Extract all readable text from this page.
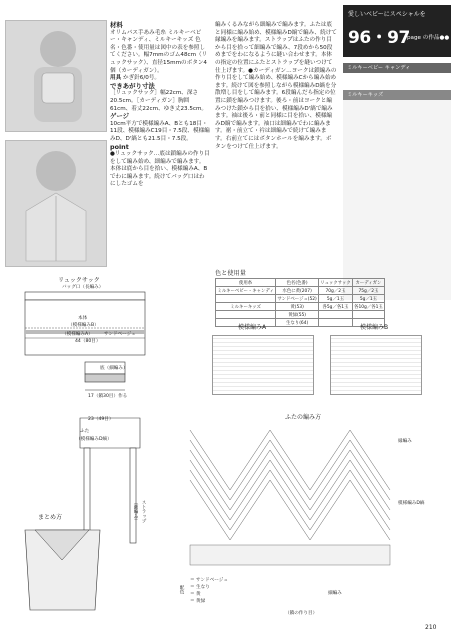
愛しいベビーにスペシャルを
96・97
page の作品●●
ミルキーベビー キャンディ
ミルキーキッズ
材料
オリムパス手あみ毛糸 ミルキーベビー・キャンディ、ミルキーキッズ 色名・色番・使用量は図中の表を参照してください。幅7mmのゴム48cm（リュックサック）、直径15mmのボタン4個（カーディガン）。
用具 かぎ針6/0号。

できあがり寸法
［リュックサック］幅22cm、深さ20.5cm。［カーディガン］胸囲61cm、着丈22cm、ゆき丈23.5cm。
ゲージ
10cm平方で模様編みA、Bとも18目・11段、模様編みC19目・7.5段、模様編みD、D'縞とも21.5目・7.5段。
point
●リュックサック…底は鎖編みの作り目をして編み始め、細編みで編みます。本体は底から目を拾い、模様編みA、Bでわに編みます。続けてバッグ口はわにしたゴムを
編みくるみながら細編みで編みます。ふたは底と同様に編み始め、模様編みD縞で編み、続けて縁編みを編みます。ストラップはふたの作り目から目を拾って細編みで編み、7段めから50段めまでをわになるように縫い合わせます。本体の指定の位置にふたとストラップを縫いつけて仕上げます。●カーディガン…ヨークは鎖編みの作り目をして編み始め、模様編みCから編み始めます。続けて図を参照しながら模様編みD縞を分散増し目をして編みます。6段編んだら指定の位置に鎖を編みつけます。後ろ・前はヨークと編みつけた鎖から目を拾い、模様編みD'縞で編みます。袖は後ろ・前と同様に目を拾い、模様編みD縞で編みます。袖口は細編みでわに編みます。裾・前立て・衿は細編みで続けて編みます。右前立てにはボタンホールを編みます。ボタンをつけて仕上げます。
色と使用量
使用糸	色名(色番)	リュックサック	カーディガン
ミルキーベビー・キャンディ	水色に黄(207)	70g／2玉	75g／2玉
	サンドベージュ(52)	5g／1玉	5g／1玉
ミルキーキッズ	黄(53)	各5g／各1玉	各10g／各1玉
	黄緑(55)		
	生なり(64)		
リュックサック
バッグ口（長編み）
本体
（模様編みB）
（模様編みA） サンドベージュ
44（80目）
底（細編み）
17（鎖30目）作る
ふた
（模様編みD縞）
23（49目）
ストラップ
（細編み）
まとめ方
模様編みA	模様編みB
ふたの編み方
縁編み
模様編みD縞
細編み
配色
＝ サンドベージュ
＝ 生なり
＝ 黄
＝ 黄緑
（鎖の作り目）
210
